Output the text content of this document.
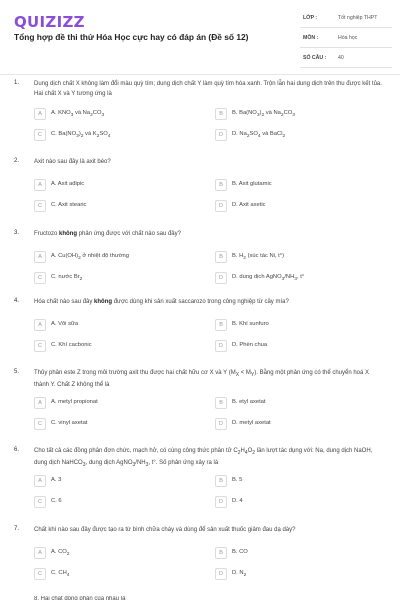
QUIZIZZ
Tổng hợp đề thi thử Hóa Học cực hay có đáp án (Đề số 12)
LỚP :	Tốt nghiệp THPT
MÔN :	Hóa học
SỐ CÂU : 40
1. Dung dịch chất X không làm đổi màu quỳ tím; dung dịch chất Y làm quỳ tím hóa xanh. Trộn lẫn hai dung dịch trên thu được kết tủa. Hai chất X và Y tương ứng là
A	A. $KNO_3$ và $Na_2CO_3$	B	B. $Ba(NO_3)_2$ và $Na_2CO_3$
C	C. $Ba(NO_3)_2$ và $K_2SO_4$	D	D. $Na_2SO_4$ và BaCl$_2$
2. Axit nào sau đây là axit béo?
A	A. Axit ađipic	B	B. Axit glutamic
C	C. Axit stearic	D	D. Axit axetic
3. Fructozo không phản ứng được với chất nào sau đây?
A	A. $Cu(OH)_2$ ở nhiệt độ thường	B	B. $H_2$ (xúc tác Ni, t°)
C	C. nước $Br_2$	D	D. dung dịch $AgNO_3/NH_3$, t°
4. Hóa chất nào sau đây không được dùng khi sản xuất saccarozo trong công nghiệp từ cây mía?
A	A. Vôi sữa	B	B. Khí sunfuro
C	C. Khí cacbonic	D	D. Phèn chua
5. Thủy phân este Z trong môi trường axit thu được hai chất hữu cơ X và Y $(M_X < M_Y)$. Bằng một phản ứng có thể chuyển hoá X thành Y. Chất Z không thể là
A	A. metyl propionat	B	B. etyl axetat
C	C. vinyl axetat	D	D. metyl axetat
6. Cho tất cả các đồng phân đơn chức, mạch hở, có cùng công thức phân tử $C_2H_4O_2$ lần lượt tác dụng với: Na, dung dịch NaOH, dung dịch NaHCO$_3$, dung dịch $AgNO_3/NH_3$, t°. Số phản ứng xảy ra là
A	A. 3	B	B. 5
C	C. 6	D	D. 4
7. Chất khí nào sau đây được tạo ra từ bình chữa cháy và dùng để sản xuất thuốc giảm đau dạ dày?
A	A. $CO_2$	B	B. CO
C	C. $CH_4$	D	D. $N_2$
8. Hai chất đồng phân của nhau là
